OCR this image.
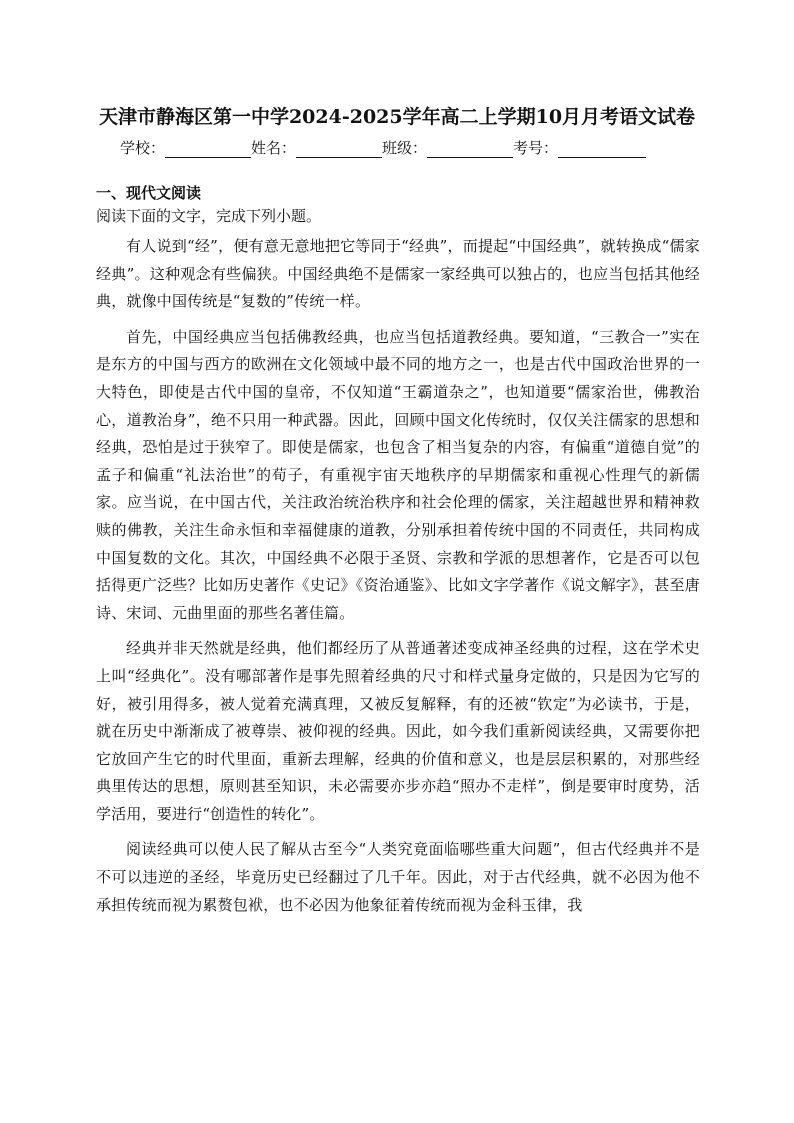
天津市静海区第一中学2024-2025学年高二上学期10月月考语文试卷
学校：	姓名：	班级：	考号：
一、现代文阅读
阅读下面的文字，完成下列小题。

有人说到“经”，便有意无意地把它等同于“经典”，而提起“中国经典”，就转换成“儒家经典”。这种观念有些偏狭。中国经典绝不是儒家一家经典可以独占的，也应当包括其他经典，就像中国传统是“复数的”传统一样。

首先，中国经典应当包括佛教经典，也应当包括道教经典。要知道，“三教合一”实在是东方的中国与西方的欧洲在文化领域中最不同的地方之一，也是古代中国政治世界的一大特色，即使是古代中国的皇帝，不仅知道“王霸道杂之”，也知道要“儒家治世，佛教治心，道教治身”，绝不只用一种武器。因此，回顾中国文化传统时，仅仅关注儒家的思想和经典，恐怕是过于狭窄了。即使是儒家，也包含了相当复杂的内容，有偏重“道德自觉”的孟子和偏重“礼法治世”的荀子，有重视宇宙天地秩序的早期儒家和重视心性理气的新儒家。应当说，在中国古代，关注政治统治秩序和社会伦理的儒家，关注超越世界和精神救赎的佛教，关注生命永恒和幸福健康的道教，分别承担着传统中国的不同责任，共同构成中国复数的文化。其次，中国经典不必限于圣贤、宗教和学派的思想著作，它是否可以包括得更广泛些？比如历史著作《史记》《资治通鉴》、比如文字学著作《说文解字》，甚至唐诗、宋词、元曲里面的那些名著佳篇。

经典并非天然就是经典，他们都经历了从普通著述变成神圣经典的过程，这在学术史上叫“经典化”。没有哪部著作是事先照着经典的尺寸和样式量身定做的，只是因为它写的好，被引用得多，被人觉着充满真理，又被反复解释，有的还被“钦定”为必读书，于是，就在历史中渐渐成了被尊崇、被仰视的经典。因此，如今我们重新阅读经典，又需要你把它放回产生它的时代里面，重新去理解，经典的价值和意义，也是层层积累的，对那些经典里传达的思想，原则甚至知识，未必需要亦步亦趋“照办不走样”，倒是要审时度势，活学活用，要进行“创造性的转化”。

阅读经典可以使人民了解从古至今“人类究竟面临哪些重大问题”，但古代经典并不是不可以违逆的圣经，毕竟历史已经翻过了几千年。因此，对于古代经典，就不必因为他不承担传统而视为累赘包袱，也不必因为他象征着传统而视为金科玉律，我
